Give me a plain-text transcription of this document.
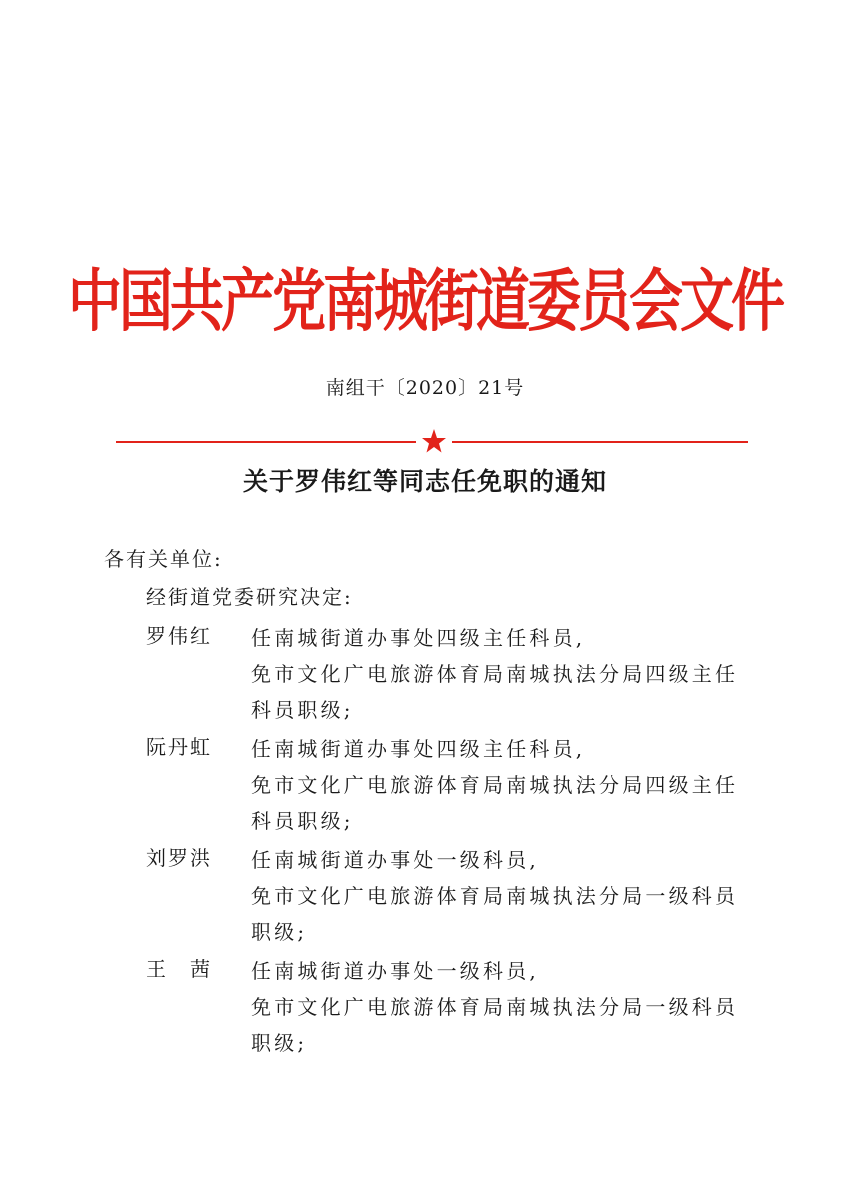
中国共产党南城街道委员会文件
南组干〔2020〕21号
关于罗伟红等同志任免职的通知
各有关单位:
经街道党委研究决定:
罗伟红 任南城街道办事处四级主任科员,
免市文化广电旅游体育局南城执法分局四级主任
科员职级;
阮丹虹 任南城街道办事处四级主任科员,
免市文化广电旅游体育局南城执法分局四级主任
科员职级;
刘罗洪 任南城街道办事处一级科员,
免市文化广电旅游体育局南城执法分局一级科员
职级;
王　茜 任南城街道办事处一级科员,
免市文化广电旅游体育局南城执法分局一级科员
职级;
